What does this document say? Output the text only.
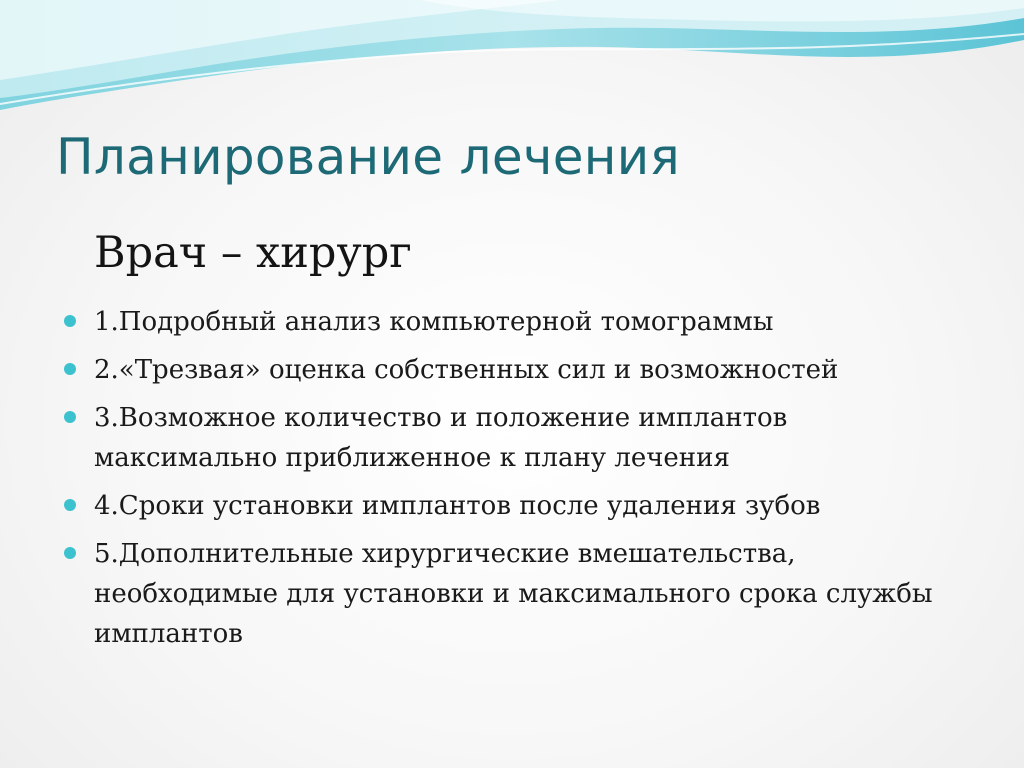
Планирование лечения
Врач – хирург
1.Подробный анализ компьютерной томограммы
2.«Трезвая» оценка собственных сил и возможностей
3.Возможное количество и положение имплантов максимально приближенное к плану лечения
4.Сроки установки имплантов после удаления зубов
5.Дополнительные хирургические вмешательства, необходимые для установки и максимального срока службы имплантов
